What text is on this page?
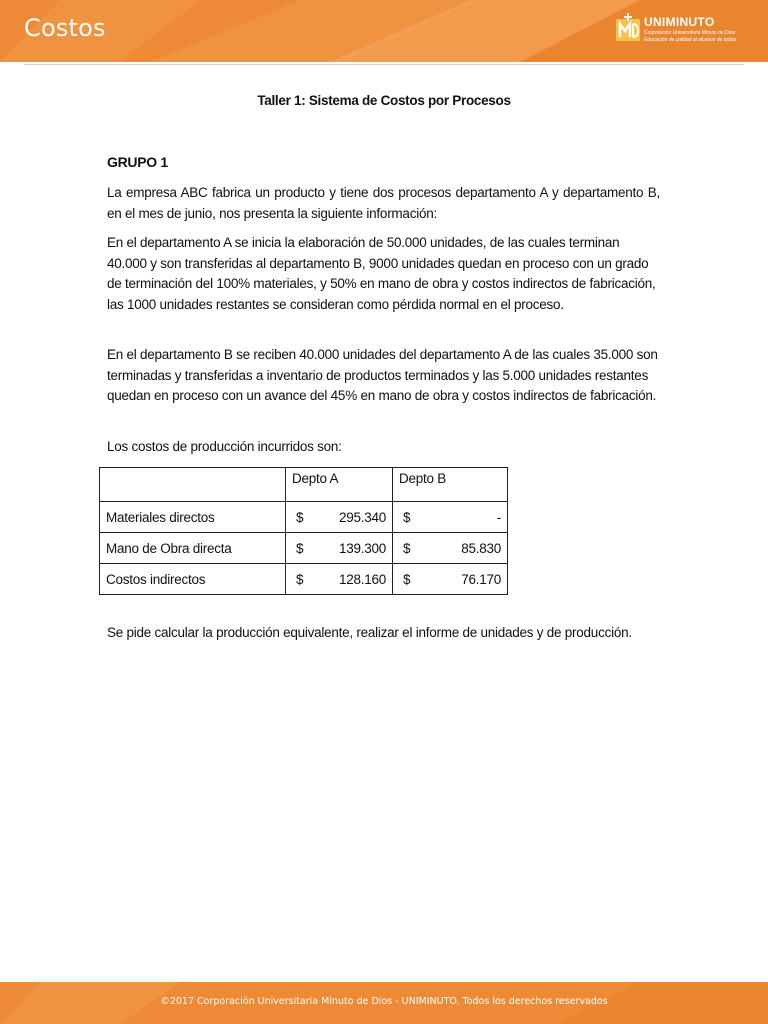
Costos	UNIMINUTO
Corporación Universitaria Minuto de Dios
Educación de calidad al alcance de todos
Taller 1: Sistema de Costos por Procesos
GRUPO 1

La empresa ABC fabrica un producto y tiene dos procesos departamento A y departamento B, en el mes de junio, nos presenta la siguiente información:

En el departamento A se inicia la elaboración de 50.000 unidades, de las cuales terminan 40.000 y son transferidas al departamento B, 9000 unidades quedan en proceso con un grado de terminación del 100% materiales, y 50% en mano de obra y costos indirectos de fabricación, las 1000 unidades restantes se consideran como pérdida normal en el proceso.

En el departamento B se reciben 40.000 unidades del departamento A de las cuales 35.000 son terminadas y transferidas a inventario de productos terminados y las 5.000 unidades restantes quedan en proceso con un avance del 45% en mano de obra y costos indirectos de fabricación.

Los costos de producción incurridos son:

	Depto A	Depto B
Materiales directos	$ 295.340	$ -

Mano de Obra directa	$ 139.300	$ 85.830

Costos indirectos	$ 128.160	$ 76.170

Se pide calcular la producción equivalente, realizar el informe de unidades y de producción.

©2017 Corporación Universitaria Minuto de Dios - UNIMINUTO. Todos los derechos reservados
